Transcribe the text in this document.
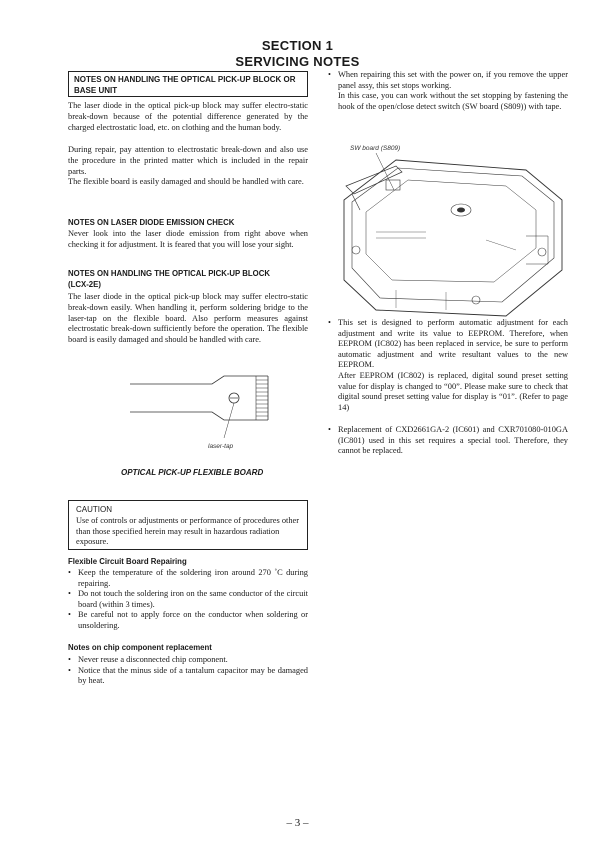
SECTION 1
SERVICING NOTES
NOTES ON HANDLING THE OPTICAL PICK-UP BLOCK OR BASE UNIT

The laser diode in the optical pick-up block may suffer electro-static break-down because of the potential difference generated by the charged electrostatic load, etc. on clothing and the human body.

During repair, pay attention to electrostatic break-down and also use the procedure in the printed matter which is included in the repair parts.

The flexible board is easily damaged and should be handled with care.

NOTES ON LASER DIODE EMISSION CHECK

Never look into the laser diode emission from right above when checking it for adjustment. It is feared that you will lose your sight.

NOTES ON HANDLING THE OPTICAL PICK-UP BLOCK

(LCX-2E)

The laser diode in the optical pick-up block may suffer electro-static break-down easily. When handling it, perform soldering bridge to the laser-tap on the flexible board. Also perform measures against electrostatic break-down sufficiently before the operation. The flexible board is easily damaged and should be handled with care.

laser-tap
OPTICAL PICK-UP FLEXIBLE BOARD
CAUTION
Use of controls or adjustments or performance of procedures other than those specified herein may result in hazardous radiation exposure.

Flexible Circuit Board Repairing

• Keep the temperature of the soldering iron around 270 ˚C during repairing.
• Do not touch the soldering iron on the same conductor of the circuit board (within 3 times).
• Be careful not to apply force on the conductor when soldering or unsoldering.

Notes on chip component replacement

• Never reuse a disconnected chip component.
• Notice that the minus side of a tantalum capacitor may be damaged by heat.
• When repairing this set with the power on, if you remove the upper panel assy, this set stops working.
In this case, you can work without the set stopping by fastening the hook of the open/close detect switch (SW board (S809)) with tape.
SW board (S809)
• This set is designed to perform automatic adjustment for each adjustment and write its value to EEPROM. Therefore, when EEPROM (IC802) has been replaced in service, be sure to perform automatic adjustment and write resultant values to the new EEPROM.
After EEPROM (IC802) is replaced, digital sound preset setting value for display is changed to “00”. Please make sure to check that digital sound preset setting value for display is “01”. (Refer to page 14)
• Replacement of CXD2661GA-2 (IC601) and CXR701080-010GA (IC801) used in this set requires a special tool. Therefore, they cannot be replaced.
– 3 –
